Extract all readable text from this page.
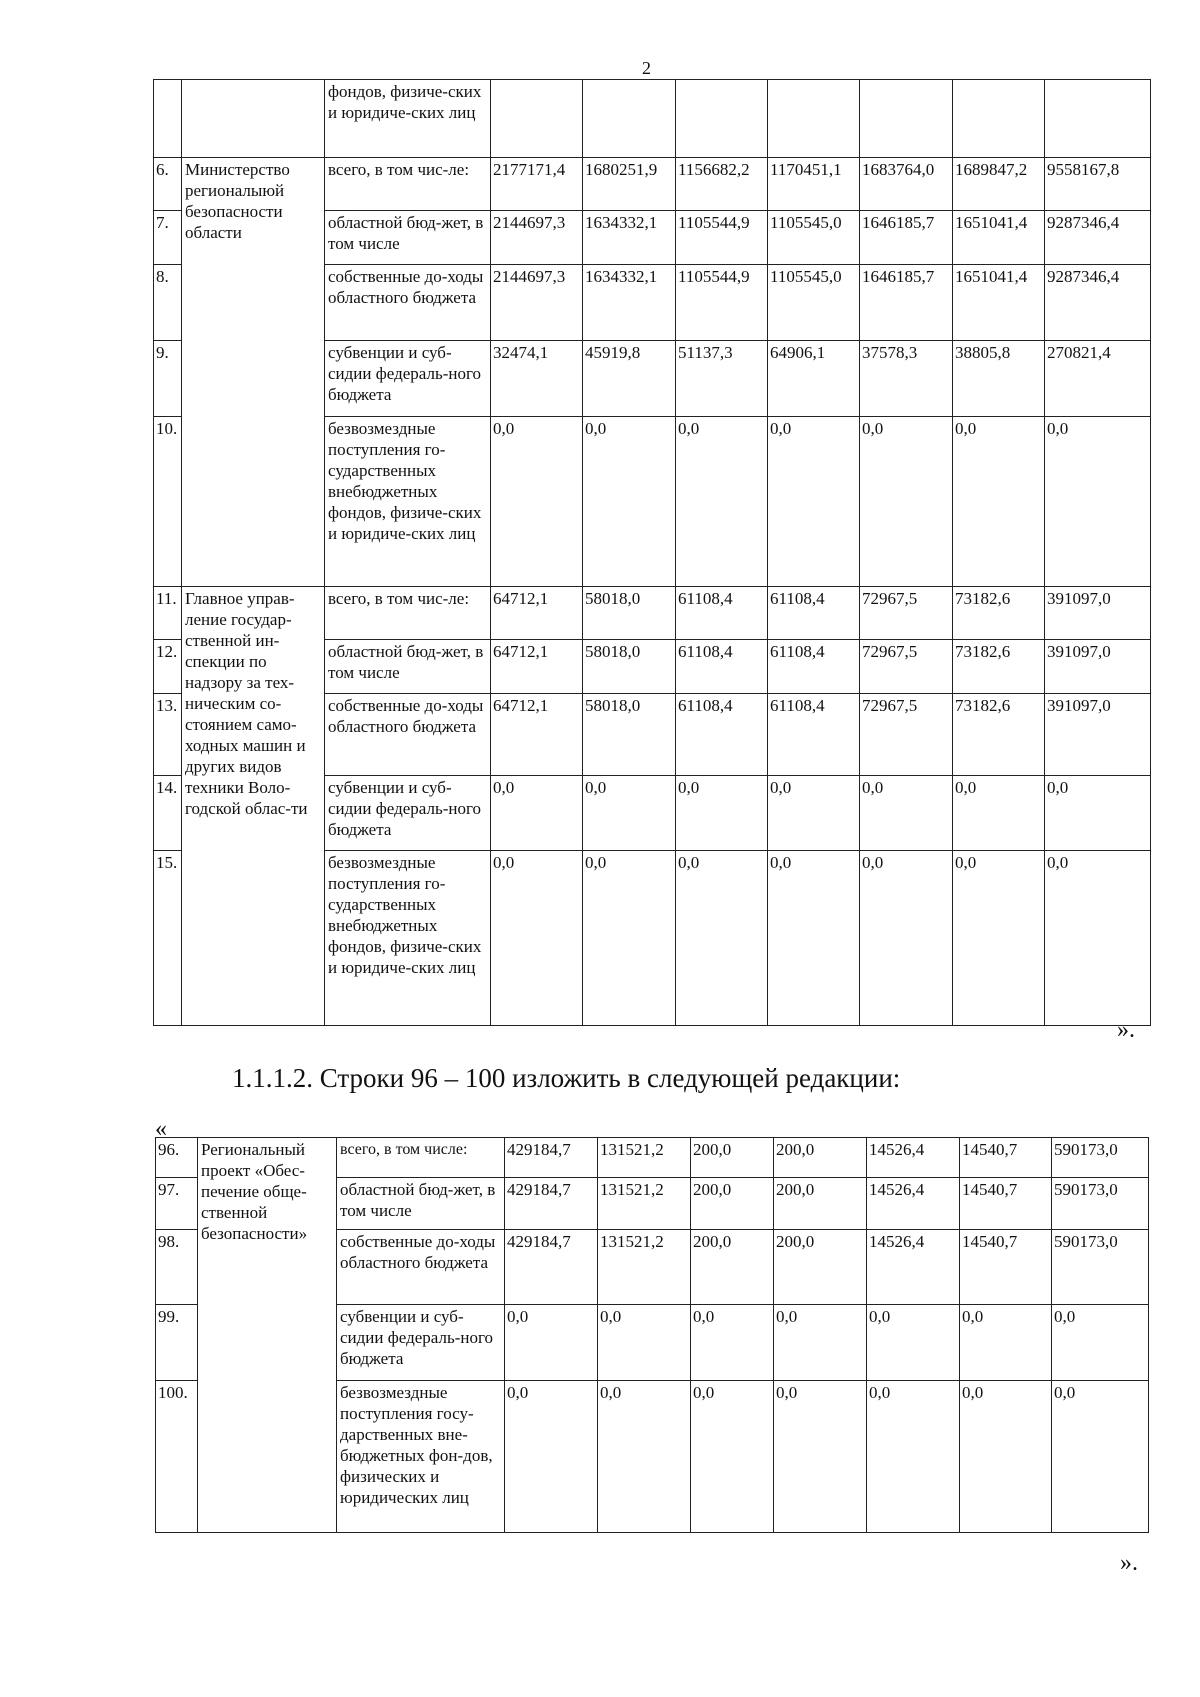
2
		фондов, физиче-ских и юридиче-ских лиц							
6.	Министерство регионалыюй безопасности области	всего, в том чис-ле:	2177171,4	1680251,9	1156682,2	1170451,1	1683764,0	1689847,2	9558167,8
7.		областной бюд-жет, в том числе	2144697,3	1634332,1	1105544,9	1105545,0	1646185,7	1651041,4	9287346,4
8.		собственные до-ходы областного бюджета	2144697,3	1634332,1	1105544,9	1105545,0	1646185,7	1651041,4	9287346,4
9.		субвенции и суб-сидии федераль-ного бюджета	32474,1	45919,8	51137,3	64906,1	37578,3	38805,8	270821,4
10.		безвозмездные поступления го-сударственных внебюджетных фондов, физиче-ских и юридиче-ских лиц	0,0	0,0	0,0	0,0	0,0	0,0	0,0
11.	Главное управ-ление государ-ственной ин-спекции по надзору за тех-ническим со-стоянием само-ходных машин и других видов техники Воло-годской облас-ти	всего, в том чис-ле:	64712,1	58018,0	61108,4	61108,4	72967,5	73182,6	391097,0
12.		областной бюд-жет, в том числе	64712,1	58018,0	61108,4	61108,4	72967,5	73182,6	391097,0
13.		собственные до-ходы областного бюджета	64712,1	58018,0	61108,4	61108,4	72967,5	73182,6	391097,0
14.		субвенции и суб-сидии федераль-ного бюджета	0,0	0,0	0,0	0,0	0,0	0,0	0,0
15.		безвозмездные поступления го-сударственных внебюджетных фондов, физиче-ских и юридиче-ских лиц	0,0	0,0	0,0	0,0	0,0	0,0	0,0
».
1.1.1.2. Строки 96 – 100 изложить в следующей редакции:
«
96.	Региональный проект «Обес-печение обще-ственной безопасности»	всего, в том числе:	429184,7	131521,2	200,0	200,0	14526,4	14540,7	590173,0
97.		областной бюд-жет, в том числе	429184,7	131521,2	200,0	200,0	14526,4	14540,7	590173,0
98.		собственные до-ходы областного бюджета	429184,7	131521,2	200,0	200,0	14526,4	14540,7	590173,0
99.		субвенции и суб-сидии федераль-ного бюджета	0,0	0,0	0,0	0,0	0,0	0,0	0,0
100.		безвозмездные поступления госу-дарственных вне-бюджетных фон-дов, физических и юридических лиц	0,0	0,0	0,0	0,0	0,0	0,0	0,0
».
